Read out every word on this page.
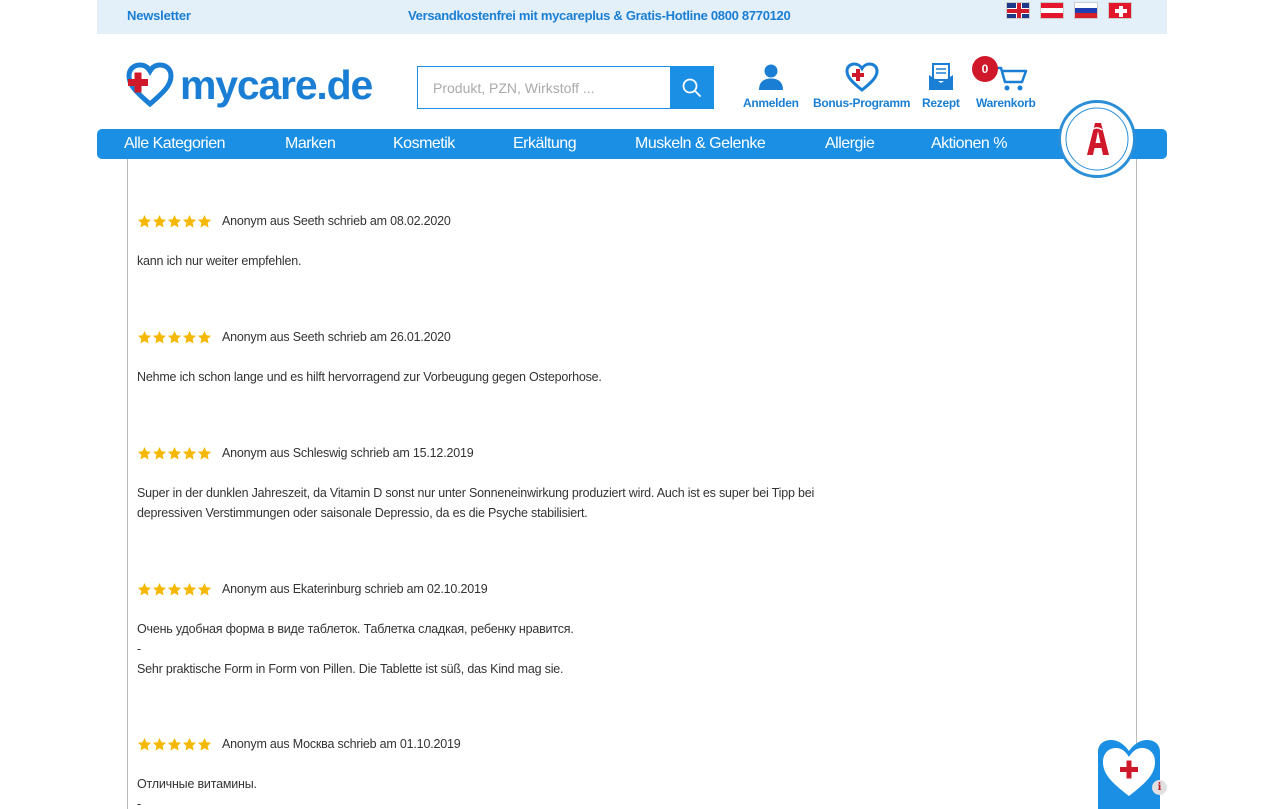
Newsletter	Versandkostenfrei mit mycareplus & Gratis-Hotline 0800 8770120
mycare.de
Produkt, PZN, Wirkstoff ...	Anmelden Bonus-Programm Rezept
0
Warenkorb
Alle Kategorien	Marken	Kosmetik	Erkältung	Muskeln & Gelenke	Allergie	Aktionen %
Anonym aus Seeth schrieb am 08.02.2020
kann ich nur weiter empfehlen.
Anonym aus Seeth schrieb am 26.01.2020
Nehme ich schon lange und es hilft hervorragend zur Vorbeugung gegen Osteporhose.
Anonym aus Schleswig schrieb am 15.12.2019
Super in der dunklen Jahreszeit, da Vitamin D sonst nur unter Sonneneinwirkung produziert wird. Auch ist es super bei Tipp bei
depressiven Verstimmungen oder saisonale Depressio, da es die Psyche stabilisiert.
Anonym aus Ekaterinburg schrieb am 02.10.2019
Очень удобная форма в виде таблеток. Таблетка сладкая, ребенку нравится.
-
Sehr praktische Form in Form von Pillen. Die Tablette ist süß, das Kind mag sie.
Anonym aus Москва schrieb am 01.10.2019
Отличные витамины.
-
i
